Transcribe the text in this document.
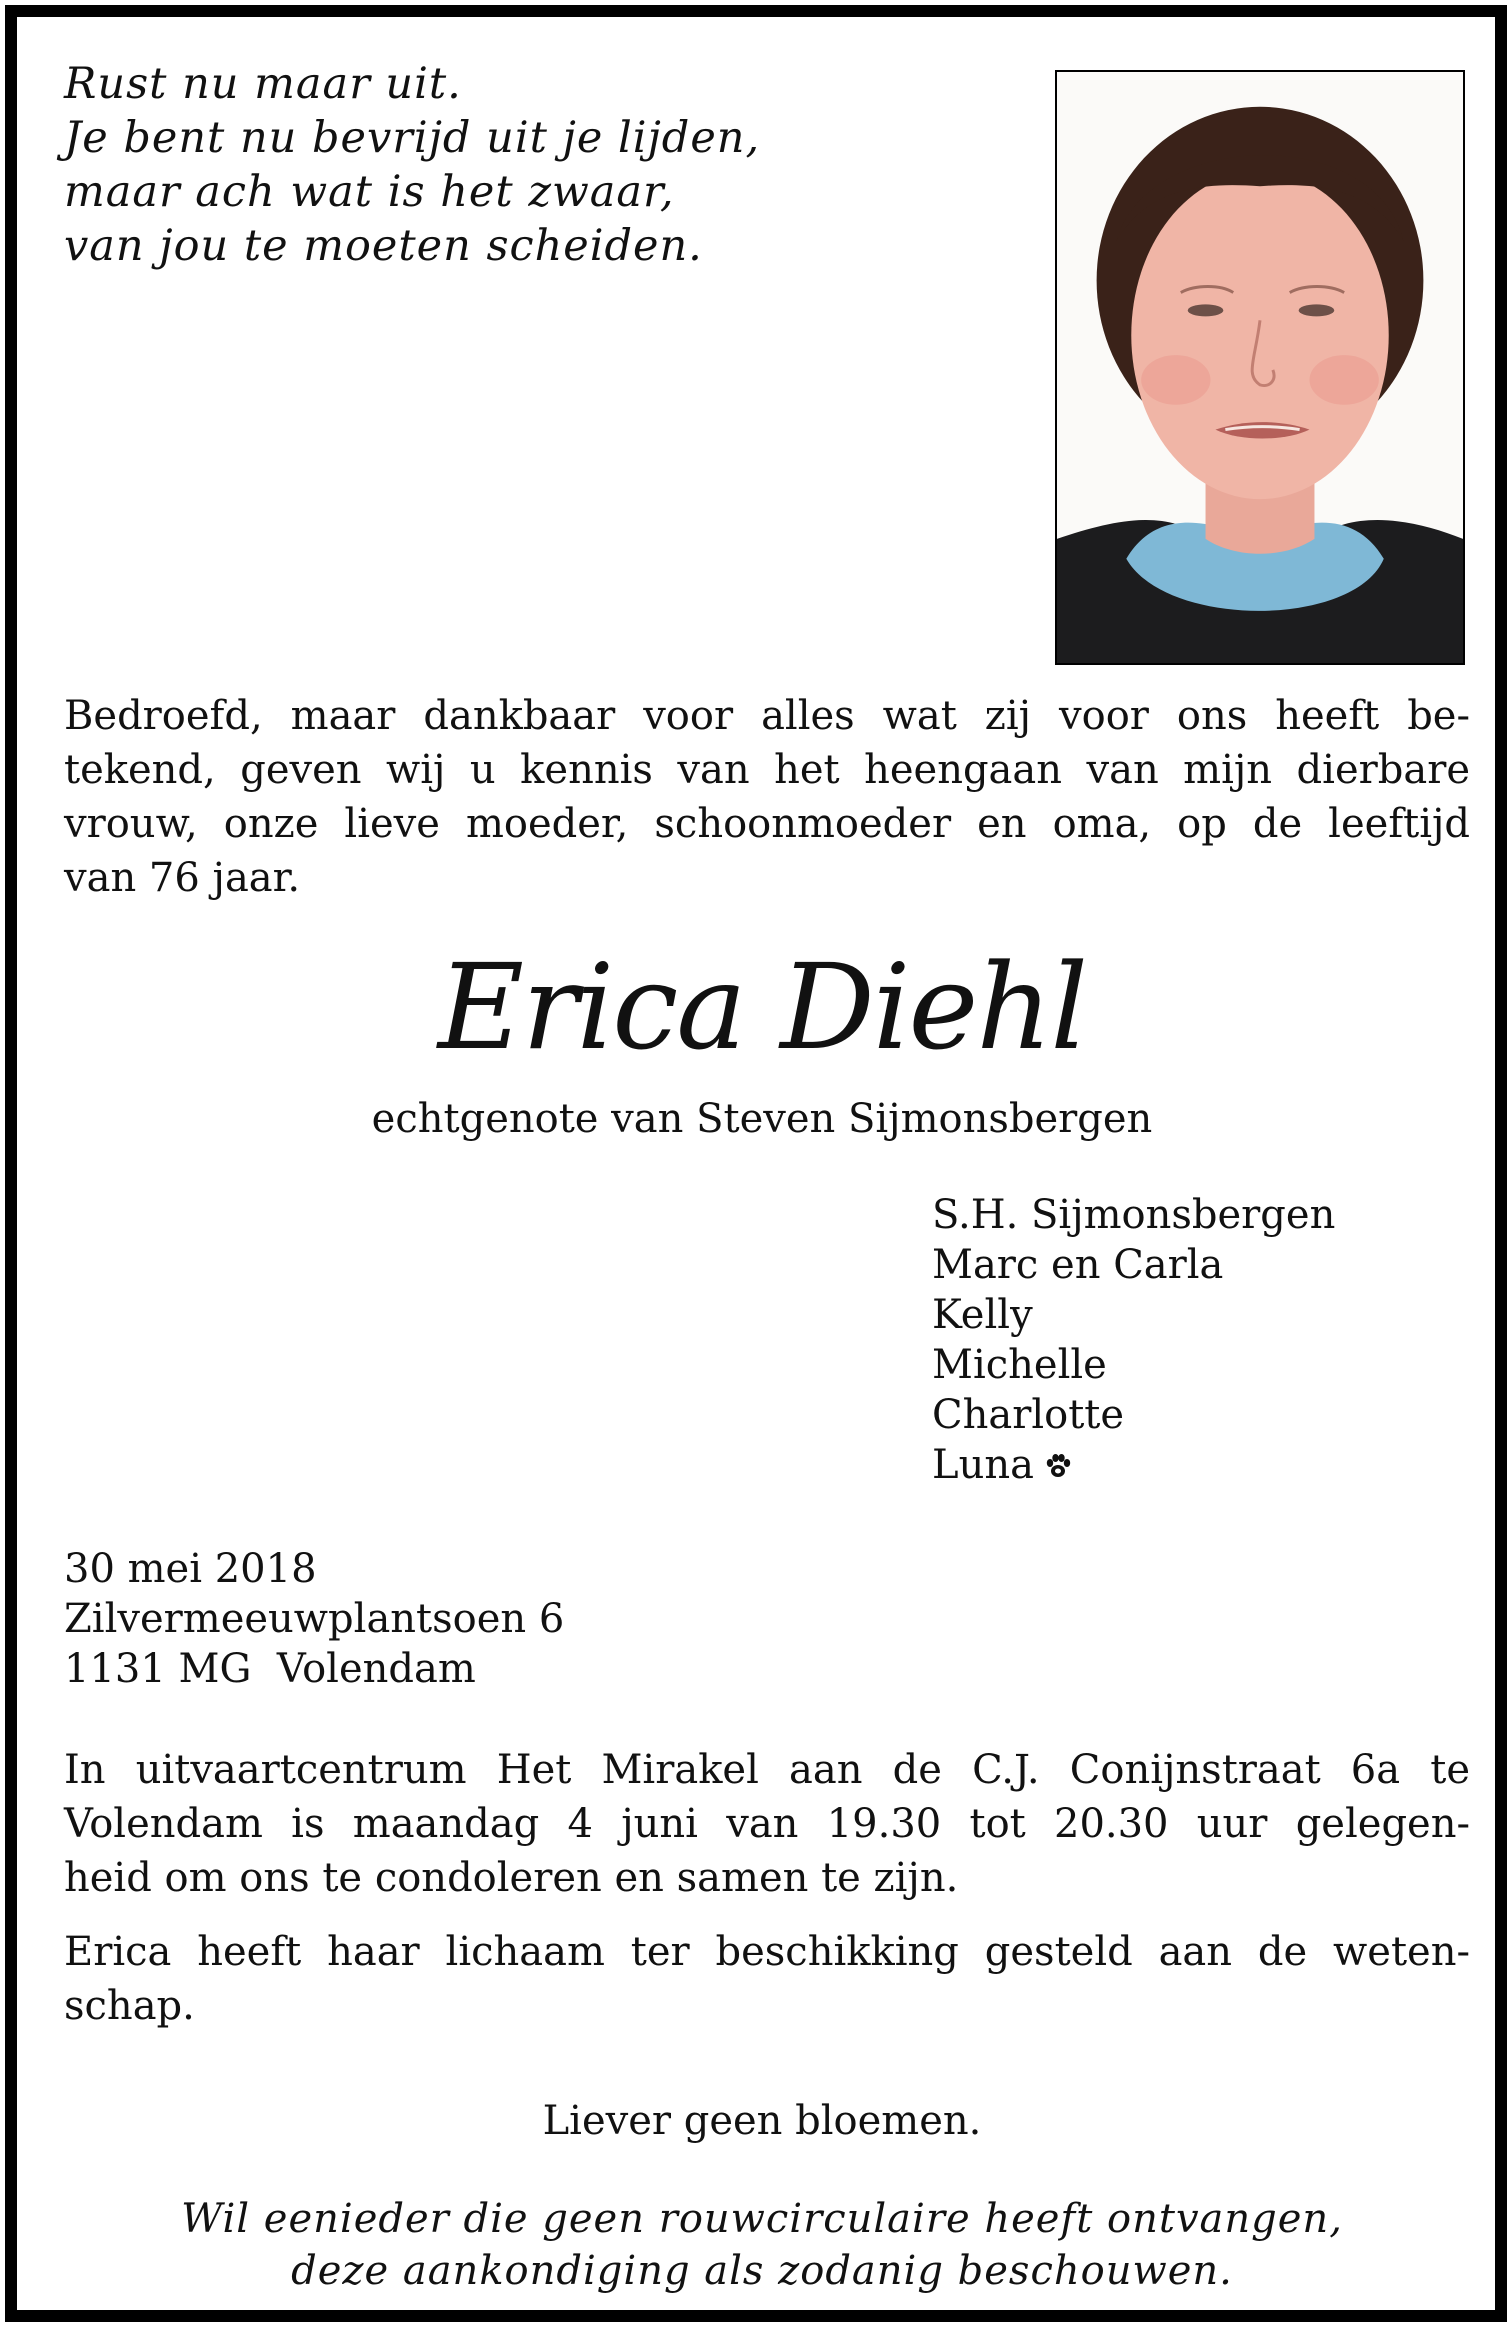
Rust nu maar uit.
Je bent nu bevrijd uit je lijden,
maar ach wat is het zwaar,
van jou te moeten scheiden.
Bedroefd, maar dankbaar voor alles wat zij voor ons heeft be-
tekend, geven wij u kennis van het heengaan van mijn dierbare
vrouw, onze lieve moeder, schoonmoeder en oma, op de leeftijd
van 76 jaar.
Erica Diehl
echtgenote van Steven Sijmonsbergen
S.H. Sijmonsbergen
Marc en Carla
Kelly
Michelle
Charlotte
Luna
30 mei 2018
Zilvermeeuwplantsoen 6
1131 MG  Volendam
In uitvaartcentrum Het Mirakel aan de C.J. Conijnstraat 6a te
Volendam is maandag 4 juni van 19.30 tot 20.30 uur gelegen-
heid om ons te condoleren en samen te zijn.
Erica heeft haar lichaam ter beschikking gesteld aan de weten-
schap.
Liever geen bloemen.
Wil eenieder die geen rouwcirculaire heeft ontvangen,
deze aankondiging als zodanig beschouwen.
